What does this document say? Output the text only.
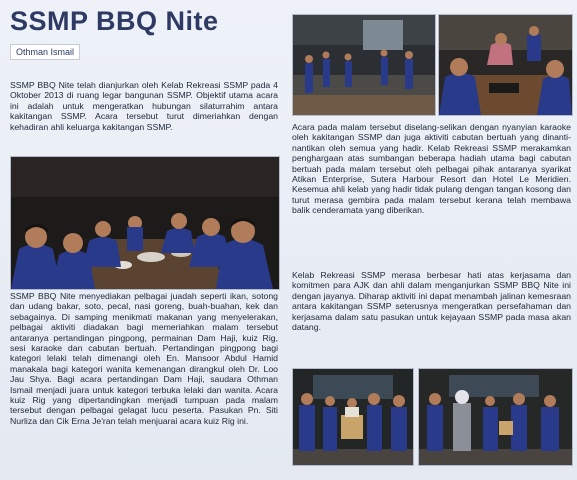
SSMP BBQ Nite
Othman Ismail
SSMP BBQ Nite telah dianjurkan oleh Kelab Rekreasi SSMP pada 4 Oktober 2013 di ruang legar bangunan SSMP. Objektif utama acara ini adalah untuk mengeratkan hubungan silaturrahim antara kakitangan SSMP. Acara tersebut turut dimeriahkan dengan kehadiran ahli keluarga kakitangan SSMP.
SSMP BBQ Nite menyediakan pelbagai juadah seperti ikan, sotong dan udang bakar, soto, pecal, nasi goreng, buah-buahan, kek dan sebagainya. Di samping menikmati makanan yang menyelerakan, pelbagai aktiviti diadakan bagi memeriahkan malam tersebut antaranya pertandingan pingpong, permainan Dam Haji, kuiz Rig, sesi karaoke dan cabutan bertuah. Pertandingan pingpong bagi kategori lelaki telah dimenangi oleh En. Mansoor Abdul Hamid manakala bagi kategori wanita kemenangan dirangkul oleh Dr. Loo Jau Shya. Bagi acara pertandingan Dam Haji, saudara Othman Ismail menjadi juara untuk kategori terbuka lelaki dan wanita. Acara kuiz Rig yang dipertandingkan menjadi tumpuan pada malam tersebut dengan pelbagai gelagat lucu peserta. Pasukan Pn. Siti Nurliza dan Cik Erna Je'ran telah menjuarai acara kuiz Rig ini.
Acara pada malam tersebut diselang-selikan dengan nyanyian karaoke oleh kakitangan SSMP dan juga aktiviti cabutan bertuah yang dinanti-nantikan oleh semua yang hadir. Kelab Rekreasi SSMP merakamkan penghargaan atas sumbangan beberapa hadiah utama bagi cabutan bertuah pada malam tersebut oleh pelbagai pihak antaranya syarikat Atikan Enterprise, Sutera Harbour Resort dan Hotel Le Meridien. Kesemua ahli kelab yang hadir tidak pulang dengan tangan kosong dan turut merasa gembira pada malam tersebut kerana telah membawa balik cenderamata yang diberikan.
Kelab Rekreasi SSMP merasa berbesar hati atas kerjasama dan komitmen para AJK dan ahli dalam menganjurkan SSMP BBQ Nite ini dengan jayanya. Diharap aktiviti ini dapat menambah jalinan kemesraan antara kakitangan SSMP seterusnya mengeratkan persefahaman dan kerjasama dalam satu pasukan untuk kejayaan SSMP pada masa akan datang.
